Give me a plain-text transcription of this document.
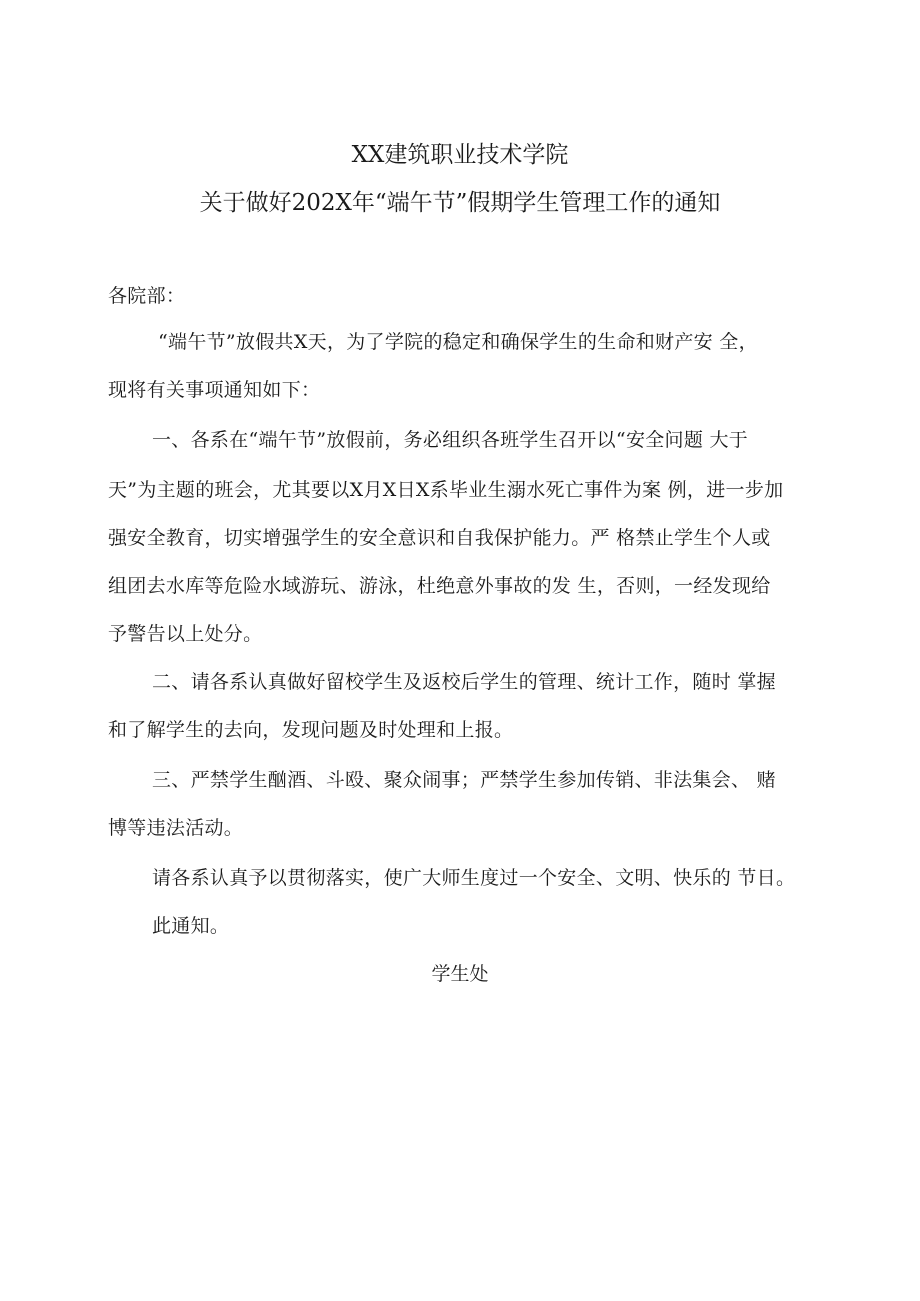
XX建筑职业技术学院
关于做好202X年“端午节”假期学生管理工作的通知
各院部：
“端午节”放假共X天，为了学院的稳定和确保学生的生命和财产安 全，
现将有关事项通知如下：
一、各系在“端午节”放假前，务必组织各班学生召开以“安全问题 大于
天”为主题的班会，尤其要以X月X日X系毕业生溺水死亡事件为案 例，进一步加
强安全教育，切实增强学生的安全意识和自我保护能力。严 格禁止学生个人或
组团去水库等危险水域游玩、游泳，杜绝意外事故的发 生，否则，一经发现给
予警告以上处分。
二、请各系认真做好留校学生及返校后学生的管理、统计工作，随时 掌握
和了解学生的去向，发现问题及时处理和上报。
三、严禁学生酗酒、斗殴、聚众闹事；严禁学生参加传销、非法集会、 赌
博等违法活动。
请各系认真予以贯彻落实，使广大师生度过一个安全、文明、快乐的 节日。
此通知。
学生处
